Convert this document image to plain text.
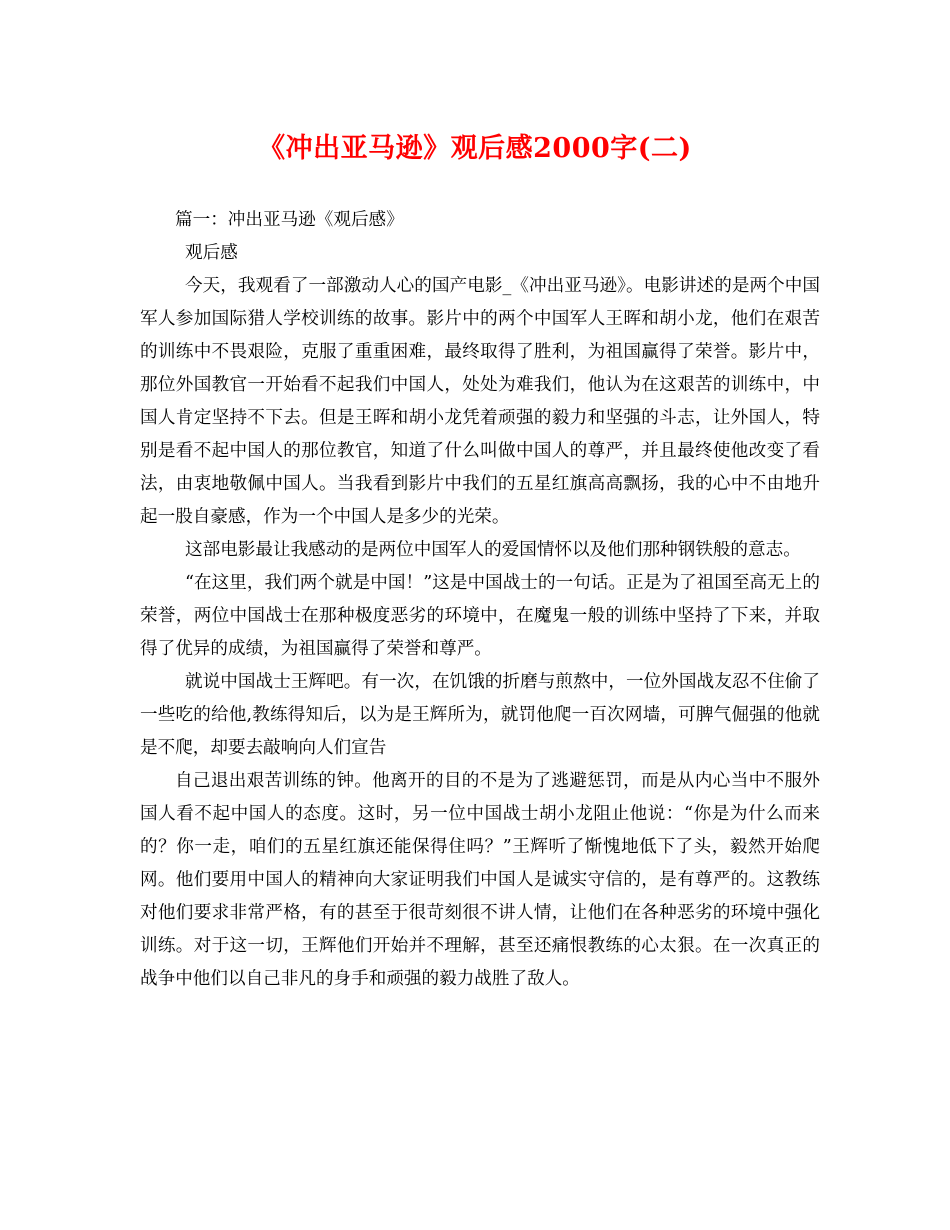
《冲出亚马逊》观后感2000字(二)

篇一：冲出亚马逊《观后感》

观后感

今天，我观看了一部激动人心的国产电影_《冲出亚马逊》。电影讲述的是两个中国军人参加国际猎人学校训练的故事。影片中的两个中国军人王晖和胡小龙，他们在艰苦的训练中不畏艰险，克服了重重困难，最终取得了胜利，为祖国赢得了荣誉。影片中，那位外国教官一开始看不起我们中国人，处处为难我们，他认为在这艰苦的训练中，中国人肯定坚持不下去。但是王晖和胡小龙凭着顽强的毅力和坚强的斗志，让外国人，特别是看不起中国人的那位教官，知道了什么叫做中国人的尊严，并且最终使他改变了看法，由衷地敬佩中国人。当我看到影片中我们的五星红旗高高飘扬，我的心中不由地升起一股自豪感，作为一个中国人是多少的光荣。

这部电影最让我感动的是两位中国军人的爱国情怀以及他们那种钢铁般的意志。

“在这里，我们两个就是中国！”这是中国战士的一句话。正是为了祖国至高无上的荣誉，两位中国战士在那种极度恶劣的环境中，在魔鬼一般的训练中坚持了下来，并取得了优异的成绩，为祖国赢得了荣誉和尊严。

就说中国战士王辉吧。有一次，在饥饿的折磨与煎熬中，一位外国战友忍不住偷了一些吃的给他,教练得知后，以为是王辉所为，就罚他爬一百次网墙，可脾气倔强的他就是不爬，却要去敲响向人们宣告

自己退出艰苦训练的钟。他离开的目的不是为了逃避惩罚，而是从内心当中不服外国人看不起中国人的态度。这时，另一位中国战士胡小龙阻止他说：“你是为什么而来的？你一走，咱们的五星红旗还能保得住吗？”王辉听了惭愧地低下了头，毅然开始爬网。他们要用中国人的精神向大家证明我们中国人是诚实守信的，是有尊严的。这教练对他们要求非常严格，有的甚至于很苛刻很不讲人情，让他们在各种恶劣的环境中强化训练。对于这一切，王辉他们开始并不理解，甚至还痛恨教练的心太狠。在一次真正的战争中他们以自己非凡的身手和顽强的毅力战胜了敌人。
